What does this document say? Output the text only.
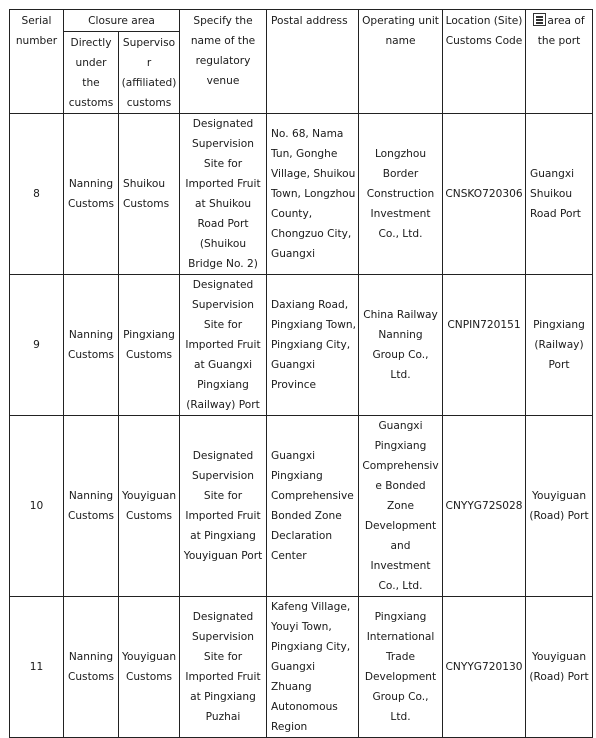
Serial number	Closure area		Specify the name of the regulatory venue	Postal address	Operating unit name	Location (Site) Customs Code	area of the port
	Directly under the customs	Supervisor (affiliated) customs					
8	Nanning Customs	Shuikou Customs	Designated Supervision Site for Imported Fruit at Shuikou Road Port (Shuikou Bridge No. 2)	No. 68, Nama Tun, Gonghe Village, Shuikou Town, Longzhou County, Chongzuo City, Guangxi	Longzhou Border Construction Investment Co., Ltd.	CNSKO720306	Guangxi Shuikou Road Port
9	Nanning Customs	Pingxiang Customs	Designated Supervision Site for Imported Fruit at Guangxi Pingxiang (Railway) Port	Daxiang Road, Pingxiang Town, Pingxiang City, Guangxi Province	China Railway Nanning Group Co., Ltd.	CNPIN720151	Pingxiang (Railway) Port
10	Nanning Customs	Youyiguan Customs	Designated Supervision Site for Imported Fruit at Pingxiang Youyiguan Port	Guangxi Pingxiang Comprehensive Bonded Zone Declaration Center	Guangxi Pingxiang Comprehensive Bonded Zone Development and Investment Co., Ltd.	CNYYG72S028	Youyiguan (Road) Port
11	Nanning Customs	Youyiguan Customs	Designated Supervision Site for Imported Fruit at Pingxiang Puzhai	Kafeng Village, Youyi Town, Pingxiang City, Guangxi Zhuang Autonomous Region	Pingxiang International Trade Development Group Co., Ltd.	CNYYG720130	Youyiguan (Road) Port
